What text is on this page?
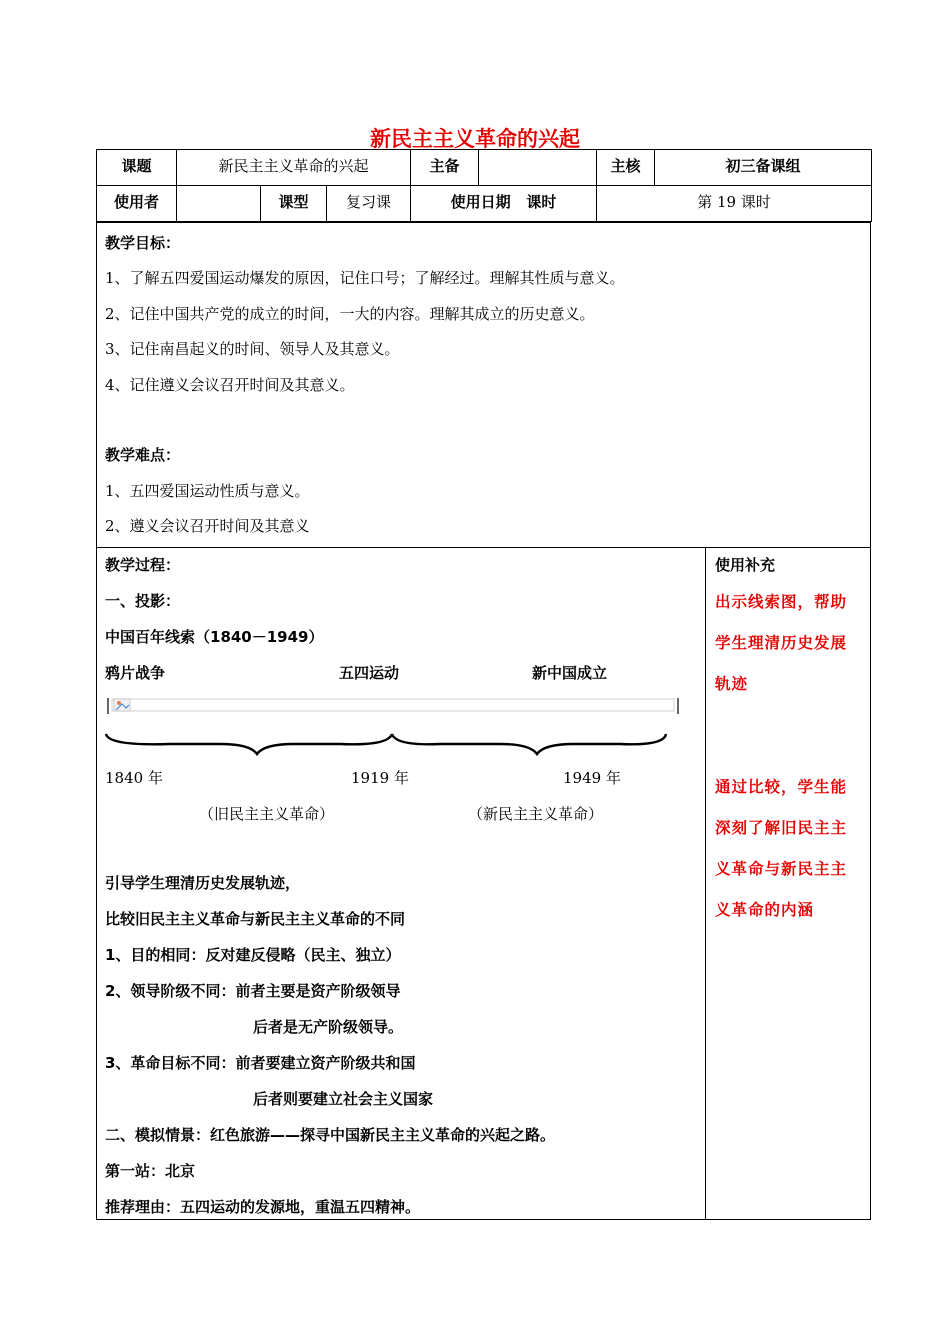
新民主主义革命的兴起
课题	新民主主义革命的兴起			主备		主核	初三备课组
使用者		课型	复习课	使用日期 课时		第 19 课时	
教学目标：
1、了解五四爱国运动爆发的原因，记住口号；了解经过。理解其性质与意义。
2、记住中国共产党的成立的时间，一大的内容。理解其成立的历史意义。
3、记住南昌起义的时间、领导人及其意义。
4、记住遵义会议召开时间及其意义。
教学难点：
1、五四爱国运动性质与意义。
2、遵义会议召开时间及其意义
教学过程：
一、投影：
中国百年线索（1840－1949）
鸦片战争	五四运动	新中国成立
1840 年	1919 年	1949 年
（旧民主主义革命）	（新民主主义革命）
引导学生理清历史发展轨迹，
比较旧民主主义革命与新民主主义革命的不同
1、目的相同：反对建反侵略（民主、独立）
2、领导阶级不同：前者主要是资产阶级领导
后者是无产阶级领导。
3、革命目标不同：前者要建立资产阶级共和国
后者则要建立社会主义国家
二、模拟情景：红色旅游——探寻中国新民主主义革命的兴起之路。
第一站：北京
推荐理由：五四运动的发源地，重温五四精神。
使用补充
出示线索图，帮助
学生理清历史发展
轨迹
通过比较，学生能
深刻了解旧民主主
义革命与新民主主
义革命的内涵
